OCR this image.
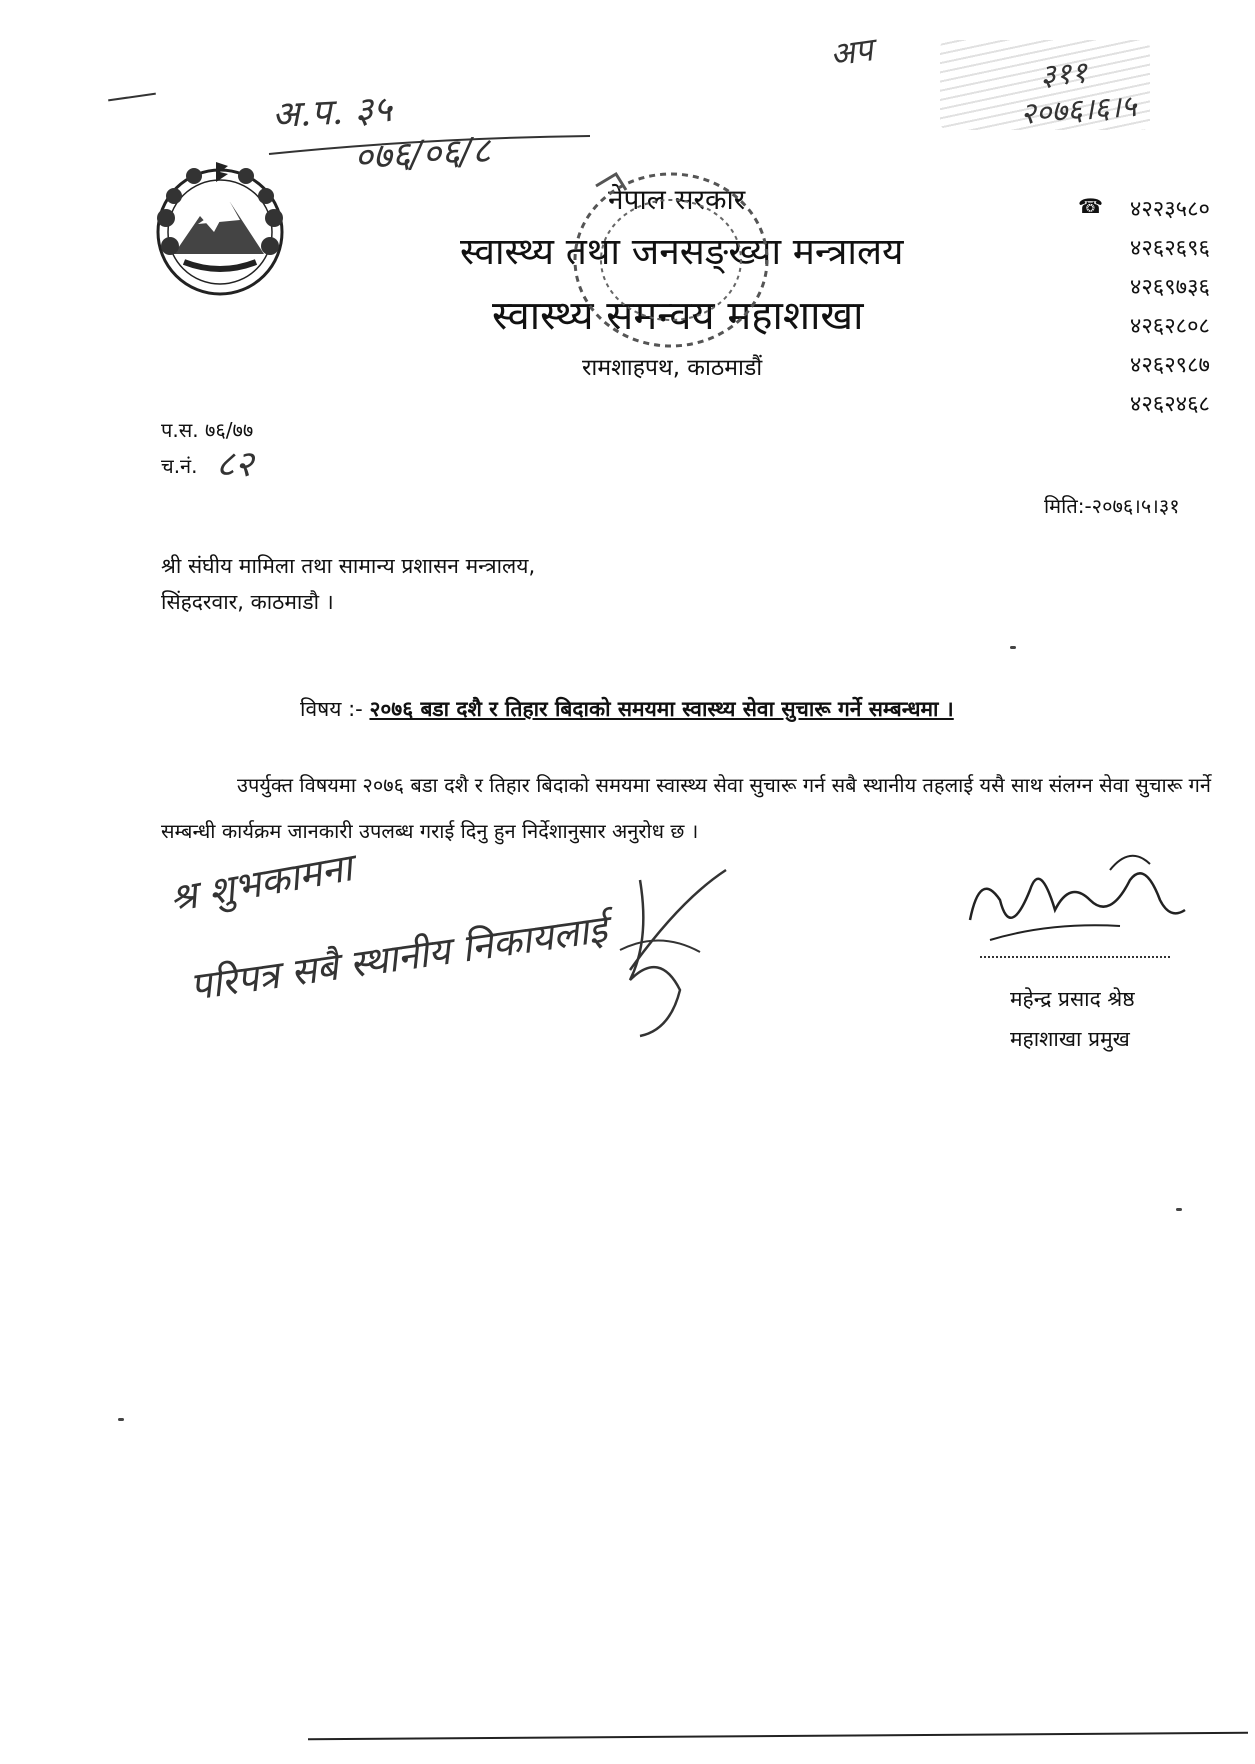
अ.प. ३५
०७६/०६/८
अप
३११
२०७६।६।५
नेपाल सरकार
स्वास्थ्य तथा जनसङ्ख्या मन्त्रालय
स्वास्थ्य समन्वय महाशाखा
रामशाहपथ, काठमाडौं
☎	४२२३५८०
४२६२६९६
४२६९७३६
४२६२८०८
४२६२९८७
४२६२४६८
प.स. ७६/७७
च.नं. ८२
मिति:-२०७६।५।३१
श्री संघीय मामिला तथा सामान्य प्रशासन मन्त्रालय,
सिंहदरवार, काठमाडौ ।
विषय :- २०७६ बडा दशै र तिहार बिदाको समयमा स्वास्थ्य सेवा सुचारू गर्ने सम्बन्धमा ।
उपर्युक्त विषयमा २०७६ बडा दशै र तिहार बिदाको समयमा स्वास्थ्य सेवा सुचारू गर्न सबै स्थानीय तहलाई यसै साथ संलग्न सेवा सुचारू गर्ने सम्बन्धी कार्यक्रम जानकारी उपलब्ध गराई दिनु हुन निर्देशानुसार अनुरोध छ ।
श्र शुभकामना
परिपत्र सबै स्थानीय निकायलाई	महेन्द्र प्रसाद श्रेष्ठ
महाशाखा प्रमुख
